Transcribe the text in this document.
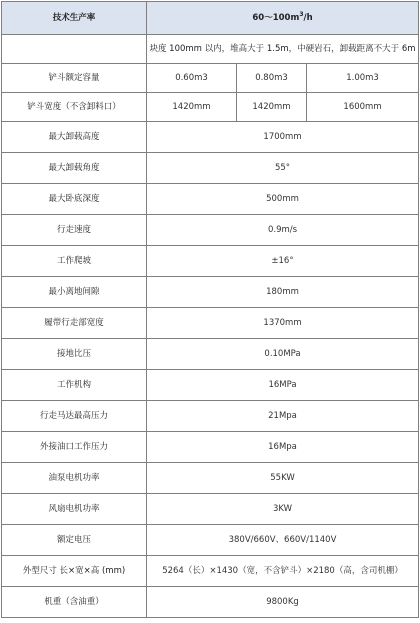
技术生产率	$60\sim 100m^3/h$		
	块度 100mm 以内，堆高大于 1.5m，中硬岩石，卸载距离不大于 6m		
铲斗额定容量	0.60m3	0.80m3	1.00m3
铲斗宽度（不含卸料口）	1420mm	1420mm	1600mm
最大卸载高度	1700mm		
最大卸载角度	55°		
最大卧底深度	500mm		
行走速度	0.9m/s		
工作爬坡	±16°		
最小离地间隙	180mm		
履带行走部宽度	1370mm		
接地比压	0.10MPa		
工作机构	16MPa		
行走马达最高压力	21Mpa		
外接油口工作压力	16Mpa		
油泵电机功率	55KW		
风扇电机功率	3KW		
额定电压	380V/660V、660V/1140V		
外型尺寸 长×宽×高 (mm)	5264（长）×1430（宽，不含铲斗）×2180（高，含司机棚）		
机重（含油重）	9800Kg		
